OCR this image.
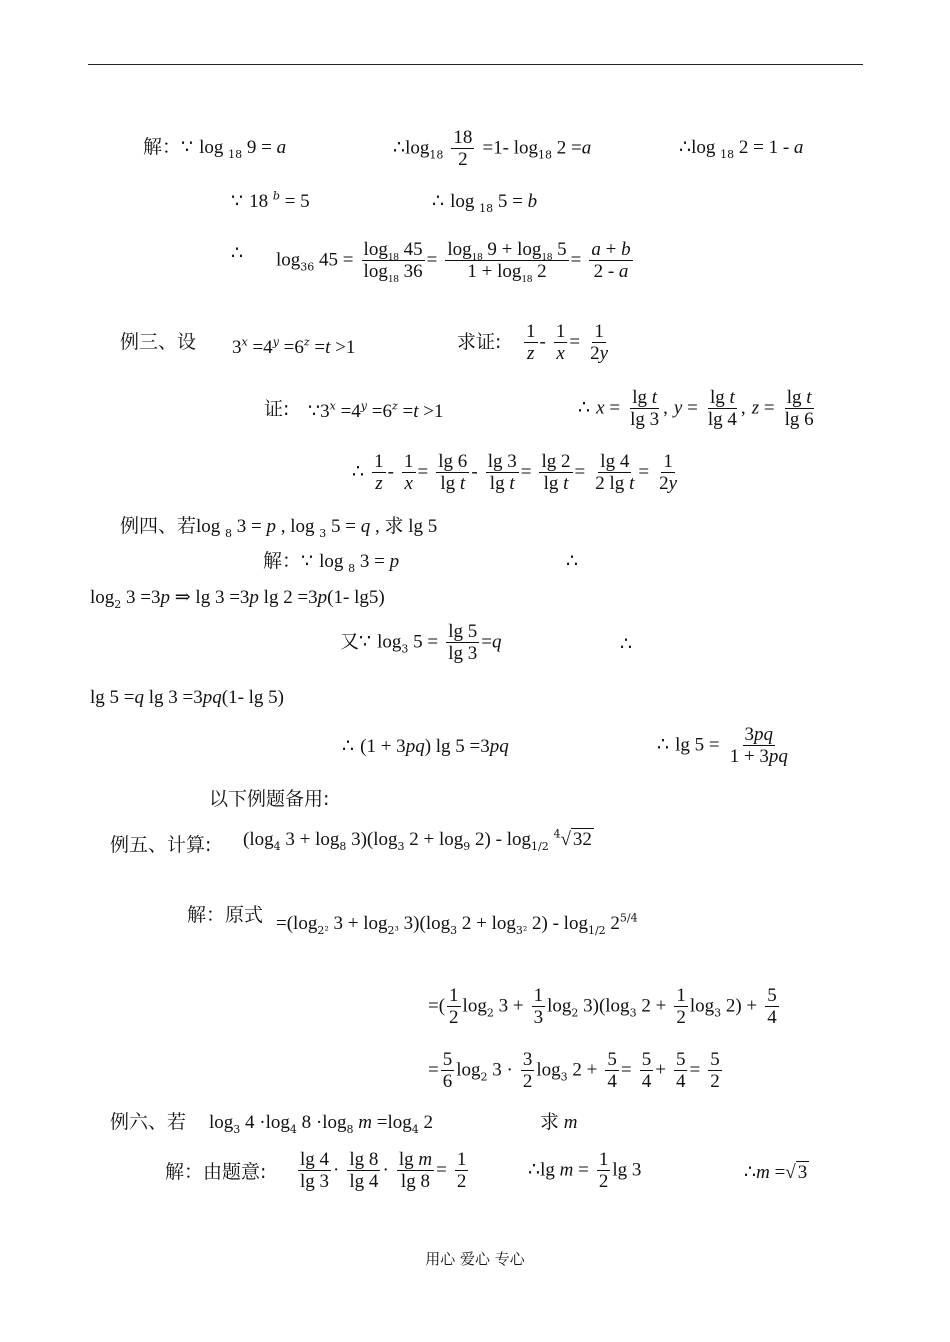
解：∵ log $_{18}$ 9 = a	$\therefore\log_{18} \frac{18}{2} =1-$ $\log_{18} 2 =a$	∴log $_{18}$ 2 = 1 - a
∵ 18 $^b$ = 5	∴ log $_{18}$ 5 = b
∴ $\log_{36} 45 = \frac{\log_{18} 45}{\log_{18} 36} = \frac{\log_{18} 9 + \log_{18} 5}{1 + \log_{18} 2} = \frac{a + b}{2 - a}$
例三、设 $3^x =4^y =6^z =t >1$	求证: $\frac{1}{z} - \frac{1}{x} = \frac{1}{2y}$
证: $\because 3^x =4^y =6^z =t >1$	∴ $x = \frac{\text{lg t}}{\lg 3}$ , $y = \frac{\text{lg t}}{\lg 4}$ , $z = \frac{\text{lg t}}{\lg 6}$
∴ $\frac{1}{z} - \frac{1}{x} = \frac{\lg 6}{\text{lg t}} - \frac{\lg 3}{\text{lg t}} = \frac{\lg 2}{\text{lg t}} = \frac{\lg 4}{\text{2 lg t}} = \frac{1}{2y}$
例四、若log $_8$ 3 = p , log $_3$ 5 = q , 求 lg 5
解：∵ log $_8$ 3 = p	∴
$\log_2 3 =3p$ ⇒ lg 3 =3p lg 2 =3p(1- lg5)
又∵ $\log_3 5 = \frac{\lg 5}{\lg 3} =q$	∴
lg 5 =q lg 3 =3pq(1- lg 5)
∴ (1 + 3pq) lg 5 =3pq	∴ $\lg 5 = \frac{3pq}{1 + 3pq}$
以下例题备用:
例五、计算: ($\log_4$ $3 + \log_8 3)(\log_3$ $2 + \log_9 2) - \log_{1/2} ^4√$ 32
解：原式 $=(\log_{2^2}$ $3 + \log_{2^3} 3)(\log_3$ $2 + \log_{3^2} 2) - \log_{1/2} 2^{5/4}$
=( $\frac{1}{2} \log_2 3 + \frac{1}{3} \log_2 3)(\log_3$ $2 + \frac{1}{2} \log_3 2) + \frac{5}{4}$
= $\frac{5}{6} \log_2 3 \cdot \frac{3}{2} \log_3 2 + \frac{5}{4} = \frac{5}{4} + \frac{5}{4} = \frac{5}{2}$
例六、若 $\log_3 4 \cdot\log_4$ $8 \cdot\log_8$ $m =\log_4$ 2	求 m
解：由题意: $\frac{\lg 4}{\lg 3} \cdot \frac{\lg 8}{\lg 4} \cdot \frac{\text{lg m}}{\lg 8} = \frac{1}{2}$	∴lg $m = \frac{1}{2}$ lg 3	∴m =√ 3
用心 爱心 专心
